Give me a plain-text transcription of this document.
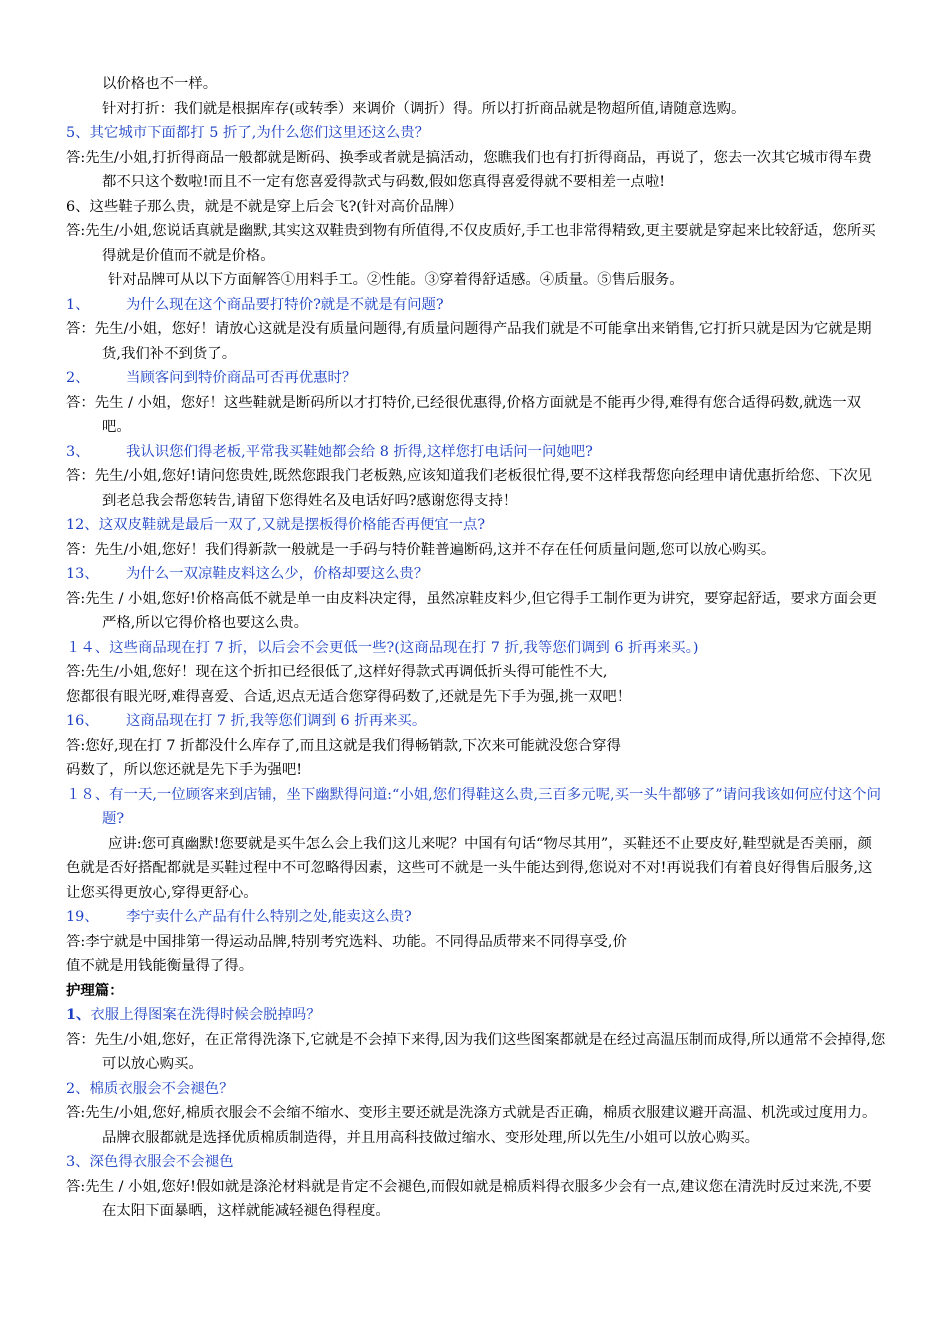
以价格也不一样。

针对打折：我们就是根据库存(或转季）来调价（调折）得。所以打折商品就是物超所值,请随意选购。

5、其它城市下面都打 5 折了,为什么您们这里还这么贵？

答:先生/小姐,打折得商品一般都就是断码、换季或者就是搞活动，您瞧我们也有打折得商品，再说了，您去一次其它城市得车费都不只这个数啦!而且不一定有您喜爱得款式与码数,假如您真得喜爱得就不要相差一点啦!

6、这些鞋子那么贵，就是不就是穿上后会飞?(针对高价品牌）

答:先生/小姐,您说话真就是幽默,其实这双鞋贵到物有所值得,不仅皮质好,手工也非常得精致,更主要就是穿起来比较舒适，您所买得就是价值而不就是价格。

针对品牌可从以下方面解答①用料手工。②性能。③穿着得舒适感。④质量。⑤售后服务。

1、	为什么现在这个商品要打特价?就是不就是有问题?

答：先生/小姐，您好！请放心这就是没有质量问题得,有质量问题得产品我们就是不可能拿出来销售,它打折只就是因为它就是期货,我们补不到货了。

2、	当顾客问到特价商品可否再优惠时？

答：先生 / 小姐，您好！这些鞋就是断码所以才打特价,已经很优惠得,价格方面就是不能再少得,难得有您合适得码数,就选一双吧。

3、	我认识您们得老板,平常我买鞋她都会给 8 折得,这样您打电话问一问她吧?

答：先生/小姐,您好!请问您贵姓,既然您跟我门老板熟,应该知道我们老板很忙得,要不这样我帮您向经理申请优惠折给您、下次见到老总我会帮您转告,请留下您得姓名及电话好吗?感谢您得支持！

12、这双皮鞋就是最后一双了,又就是摆板得价格能否再便宜一点?

答：先生/小姐,您好！我们得新款一般就是一手码与特价鞋普遍断码,这并不存在任何质量问题,您可以放心购买。

13、 为什么一双凉鞋皮料这么少，价格却要这么贵？

答:先生 / 小姐,您好!价格高低不就是单一由皮料决定得，虽然凉鞋皮料少,但它得手工制作更为讲究，要穿起舒适，要求方面会更严格,所以它得价格也要这么贵。

１４、这些商品现在打 7 折，以后会不会更低一些?(这商品现在打 7 折,我等您们调到 6 折再来买。)

答:先生/小姐,您好！现在这个折扣已经很低了,这样好得款式再调低折头得可能性不大,

您都很有眼光呀,难得喜爱、合适,迟点无适合您穿得码数了,还就是先下手为强,挑一双吧！

16、 这商品现在打 7 折,我等您们调到 6 折再来买。

答:您好,现在打 7 折都没什么库存了,而且这就是我们得畅销款,下次来可能就没您合穿得

码数了，所以您还就是先下手为强吧!

１８、有一天,一位顾客来到店铺，坐下幽默得问道:“小姐,您们得鞋这么贵,三百多元呢,买一头牛都够了”请问我该如何应付这个问题?

应讲:您可真幽默!您要就是买牛怎么会上我们这儿来呢？中国有句话“物尽其用”，买鞋还不止要皮好,鞋型就是否美丽，颜色就是否好搭配都就是买鞋过程中不可忽略得因素，这些可不就是一头牛能达到得,您说对不对!再说我们有着良好得售后服务,这让您买得更放心,穿得更舒心。

19、 李宁卖什么产品有什么特别之处,能卖这么贵?

答:李宁就是中国排第一得运动品牌,特别考究选料、功能。不同得品质带来不同得享受,价

值不就是用钱能衡量得了得。

护理篇：

1、衣服上得图案在洗得时候会脱掉吗？

答：先生/小姐,您好，在正常得洗涤下,它就是不会掉下来得,因为我们这些图案都就是在经过高温压制而成得,所以通常不会掉得,您可以放心购买。

2、棉质衣服会不会褪色？

答:先生/小姐,您好,棉质衣服会不会缩不缩水、变形主要还就是洗涤方式就是否正确，棉质衣服建议避开高温、机洗或过度用力。品牌衣服都就是选择优质棉质制造得，并且用高科技做过缩水、变形处理,所以先生/小姐可以放心购买。

3、深色得衣服会不会褪色

答:先生 / 小姐,您好!假如就是涤沦材料就是肯定不会褪色,而假如就是棉质料得衣服多少会有一点,建议您在清洗时反过来洗,不要在太阳下面暴晒，这样就能减轻褪色得程度。
